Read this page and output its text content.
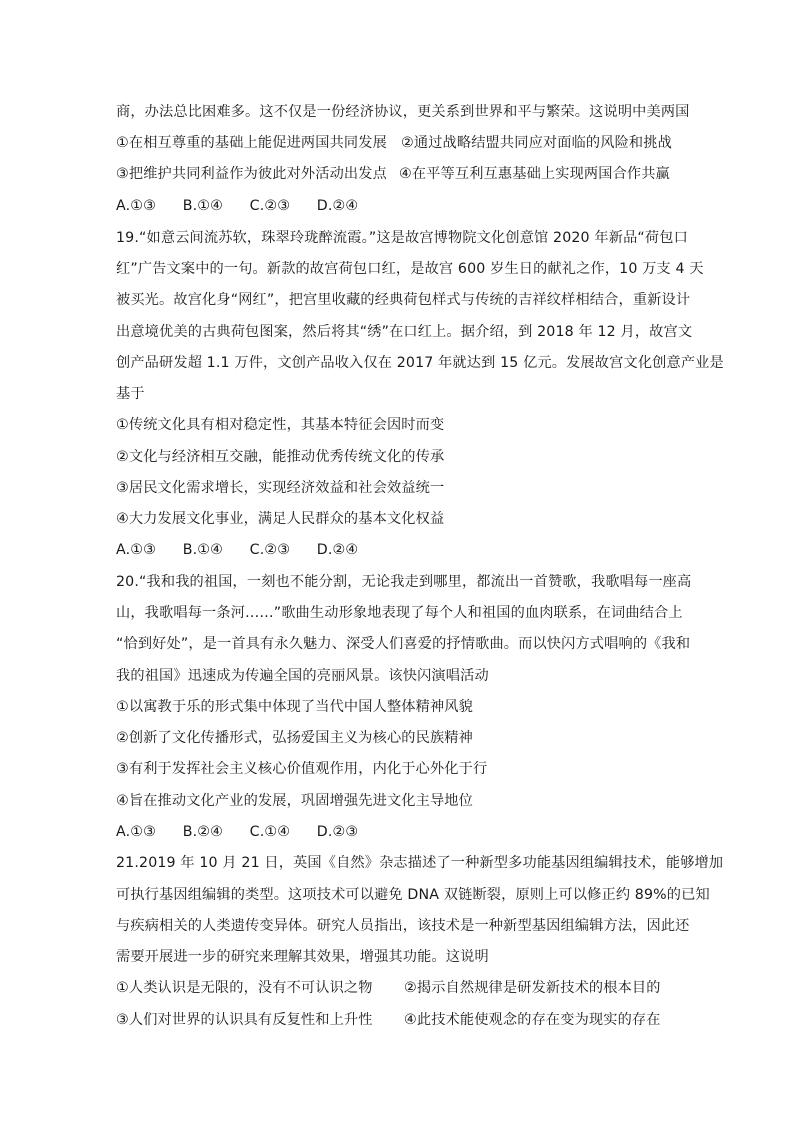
商，办法总比困难多。这不仅是一份经济协议，更关系到世界和平与繁荣。这说明中美两国
①在相互尊重的基础上能促进两国共同发展 ②通过战略结盟共同应对面临的风险和挑战
③把维护共同利益作为彼此对外活动出发点 ④在平等互利互惠基础上实现两国合作共赢
A.①③ B.①④ C.②③ D.②④
19.“如意云间流苏软，珠翠玲珑醉流霞。”这是故宫博物院文化创意馆 2020 年新品“荷包口
红”广告文案中的一句。新款的故宫荷包口红，是故宫 600 岁生日的献礼之作，10 万支 4 天
被买光。故宫化身“网红”，把宫里收藏的经典荷包样式与传统的吉祥纹样相结合，重新设计
出意境优美的古典荷包图案，然后将其“绣”在口红上。据介绍，到 2018 年 12 月，故宫文
创产品研发超 1.1 万件，文创产品收入仅在 2017 年就达到 15 亿元。发展故宫文化创意产业是
基于
①传统文化具有相对稳定性，其基本特征会因时而变
②文化与经济相互交融，能推动优秀传统文化的传承
③居民文化需求增长，实现经济效益和社会效益统一
④大力发展文化事业，满足人民群众的基本文化权益
A.①③ B.①④ C.②③ D.②④
20.“我和我的祖国，一刻也不能分割，无论我走到哪里，都流出一首赞歌，我歌唱每一座高
山，我歌唱每一条河……”歌曲生动形象地表现了每个人和祖国的血肉联系，在词曲结合上
“恰到好处”，是一首具有永久魅力、深受人们喜爱的抒情歌曲。而以快闪方式唱响的《我和
我的祖国》迅速成为传遍全国的亮丽风景。该快闪演唱活动
①以寓教于乐的形式集中体现了当代中国人整体精神风貌
②创新了文化传播形式，弘扬爱国主义为核心的民族精神
③有利于发挥社会主义核心价值观作用，内化于心外化于行
④旨在推动文化产业的发展，巩固增强先进文化主导地位
A.①③ B.②④ C.①④ D.②③
21.2019 年 10 月 21 日，英国《自然》杂志描述了一种新型多功能基因组编辑技术，能够增加
可执行基因组编辑的类型。这项技术可以避免 DNA 双链断裂，原则上可以修正约 89%的已知
与疾病相关的人类遗传变异体。研究人员指出，该技术是一种新型基因组编辑方法，因此还
需要开展进一步的研究来理解其效果，增强其功能。这说明
①人类认识是无限的，没有不可认识之物 ②揭示自然规律是研发新技术的根本目的
③人们对世界的认识具有反复性和上升性 ④此技术能使观念的存在变为现实的存在
